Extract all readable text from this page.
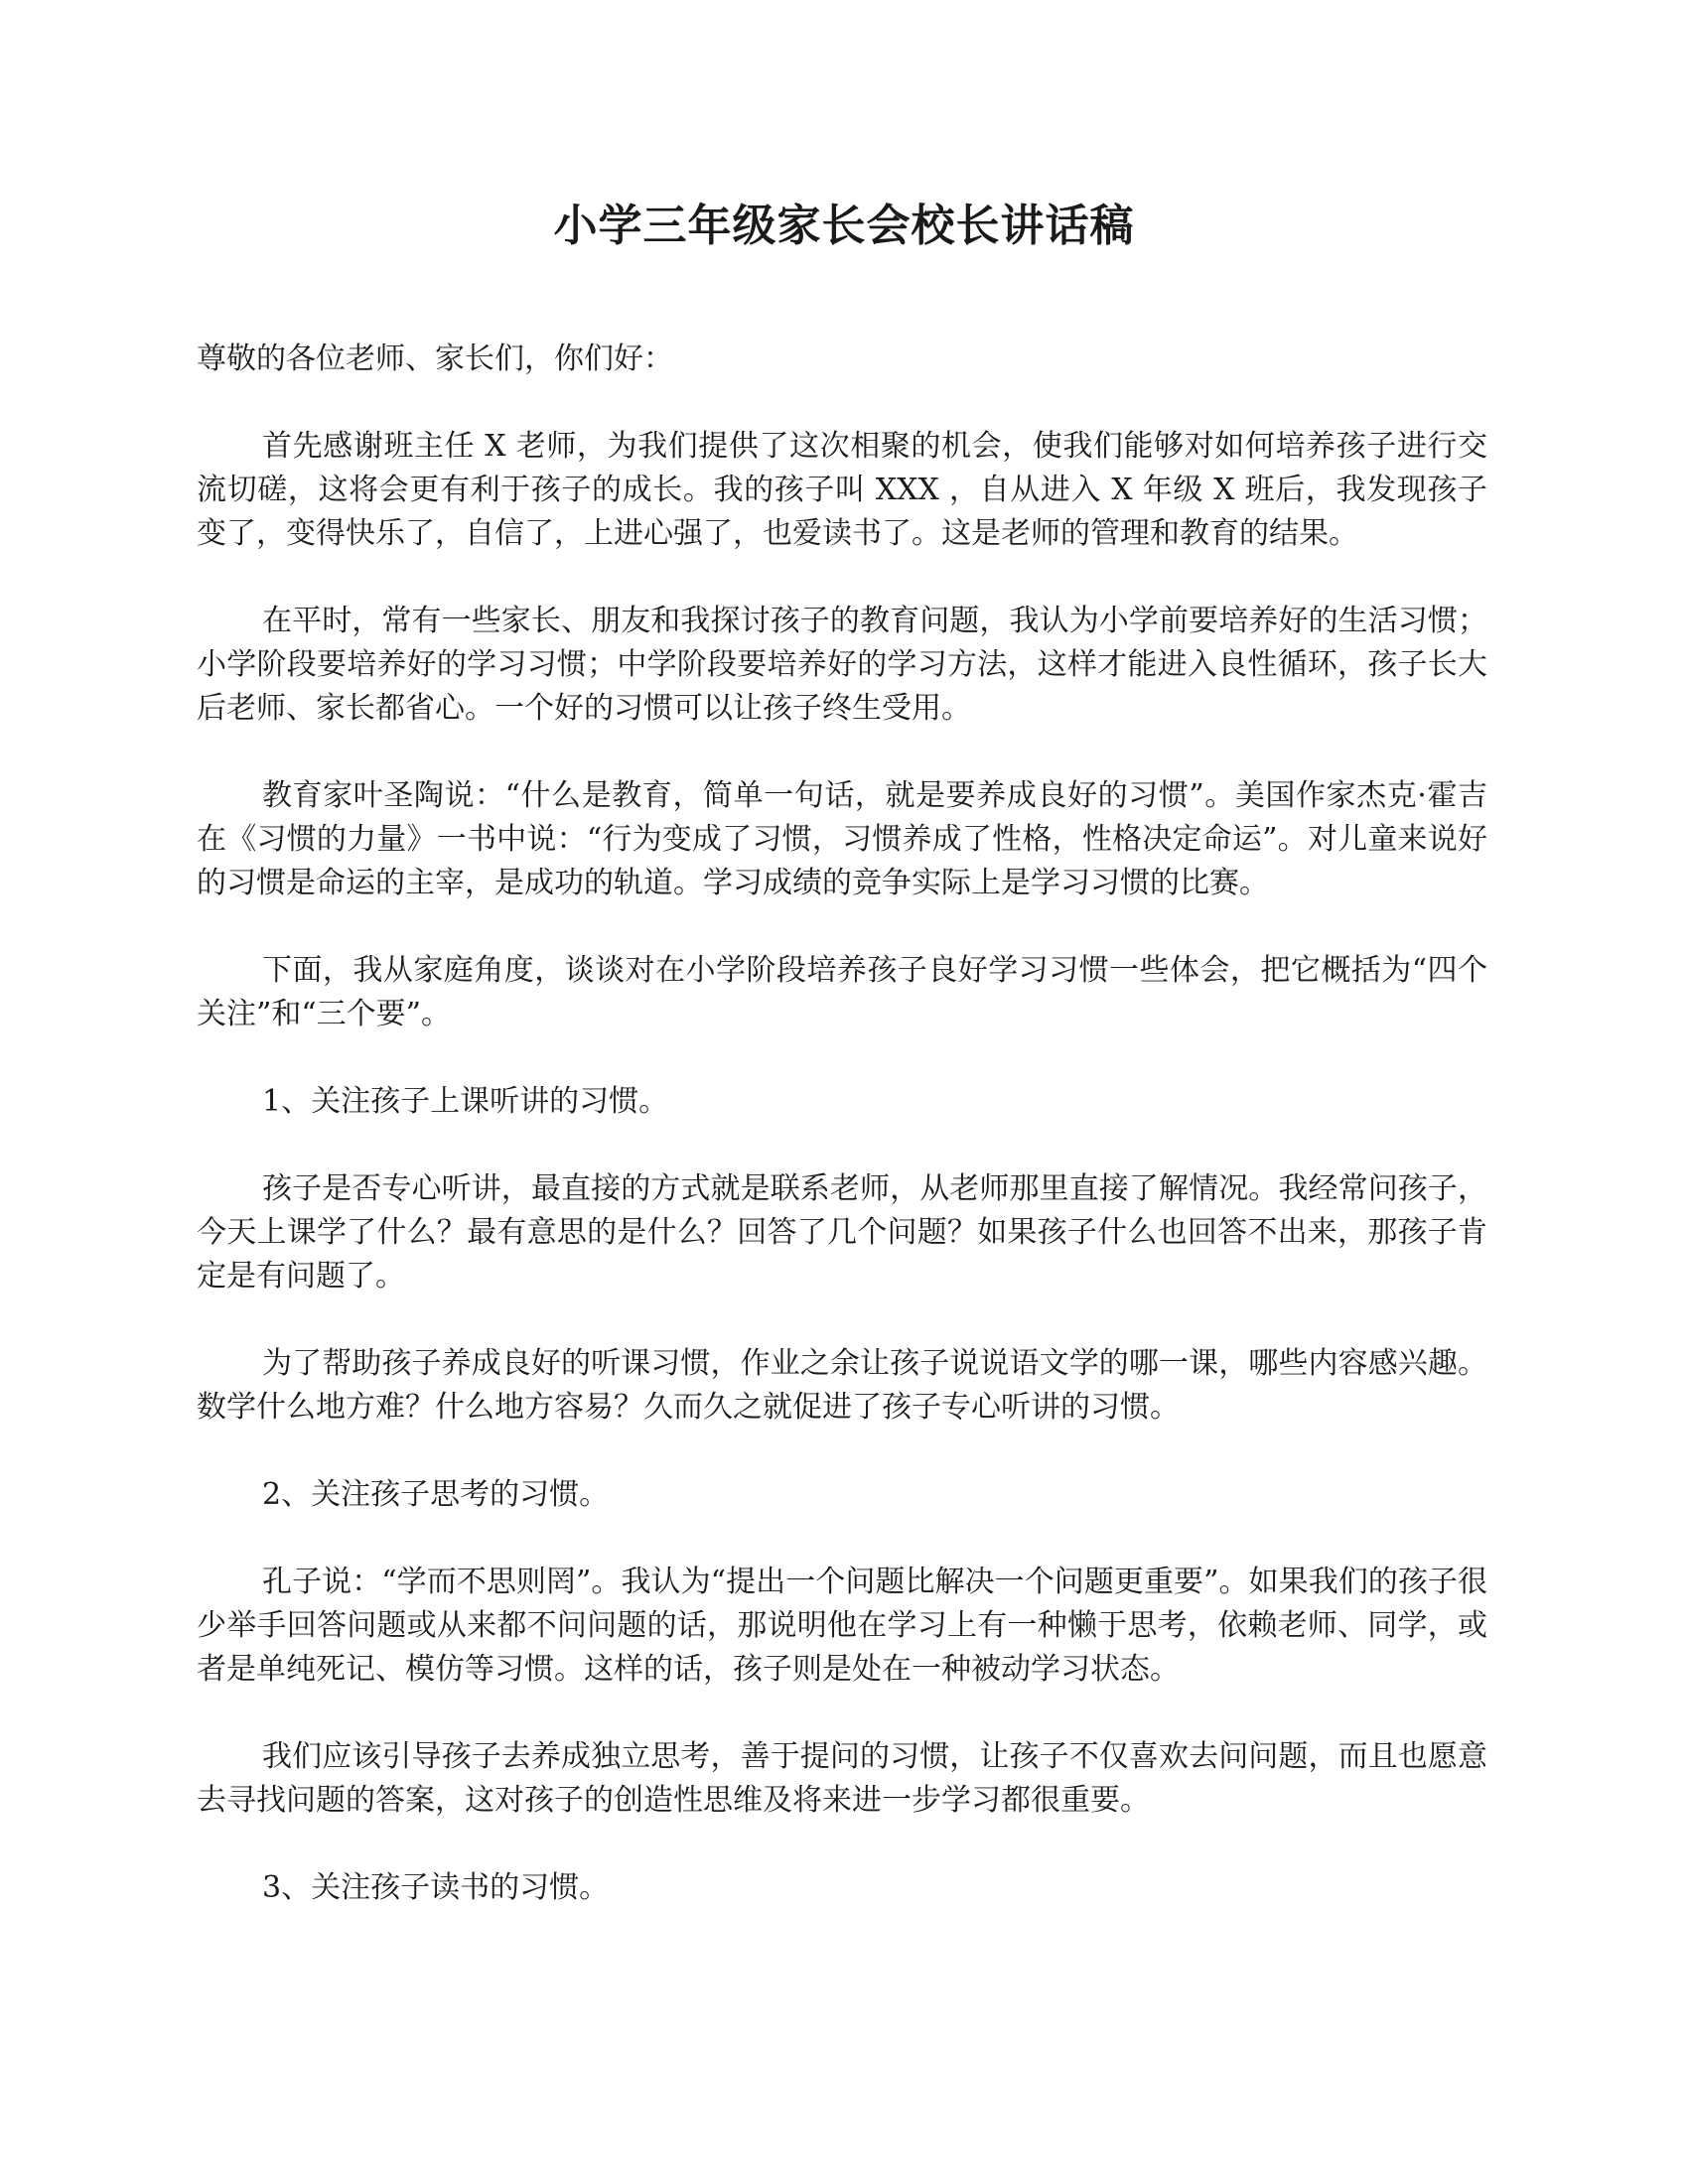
小学三年级家长会校长讲话稿

尊敬的各位老师、家长们，你们好：

首先感谢班主任 X 老师，为我们提供了这次相聚的机会，使我们能够对如何培养孩子进行交流切磋，这将会更有利于孩子的成长。我的孩子叫 XXX ，自从进入 X 年级 X 班后，我发现孩子变了，变得快乐了，自信了，上进心强了，也爱读书了。这是老师的管理和教育的结果。

在平时，常有一些家长、朋友和我探讨孩子的教育问题，我认为小学前要培养好的生活习惯；小学阶段要培养好的学习习惯；中学阶段要培养好的学习方法，这样才能进入良性循环，孩子长大后老师、家长都省心。一个好的习惯可以让孩子终生受用。

教育家叶圣陶说：“什么是教育，简单一句话，就是要养成良好的习惯”。美国作家杰克·霍吉在《习惯的力量》一书中说：“行为变成了习惯，习惯养成了性格，性格决定命运”。对儿童来说好的习惯是命运的主宰，是成功的轨道。学习成绩的竞争实际上是学习习惯的比赛。

下面，我从家庭角度，谈谈对在小学阶段培养孩子良好学习习惯一些体会，把它概括为“四个关注”和“三个要”。

1、关注孩子上课听讲的习惯。

孩子是否专心听讲，最直接的方式就是联系老师，从老师那里直接了解情况。我经常问孩子，今天上课学了什么？最有意思的是什么？回答了几个问题？如果孩子什么也回答不出来，那孩子肯定是有问题了。

为了帮助孩子养成良好的听课习惯，作业之余让孩子说说语文学的哪一课，哪些内容感兴趣。数学什么地方难？什么地方容易？久而久之就促进了孩子专心听讲的习惯。

2、关注孩子思考的习惯。

孔子说：“学而不思则罔”。我认为“提出一个问题比解决一个问题更重要”。如果我们的孩子很少举手回答问题或从来都不问问题的话，那说明他在学习上有一种懒于思考，依赖老师、同学，或者是单纯死记、模仿等习惯。这样的话，孩子则是处在一种被动学习状态。

我们应该引导孩子去养成独立思考，善于提问的习惯，让孩子不仅喜欢去问问题，而且也愿意去寻找问题的答案，这对孩子的创造性思维及将来进一步学习都很重要。

3、关注孩子读书的习惯。
